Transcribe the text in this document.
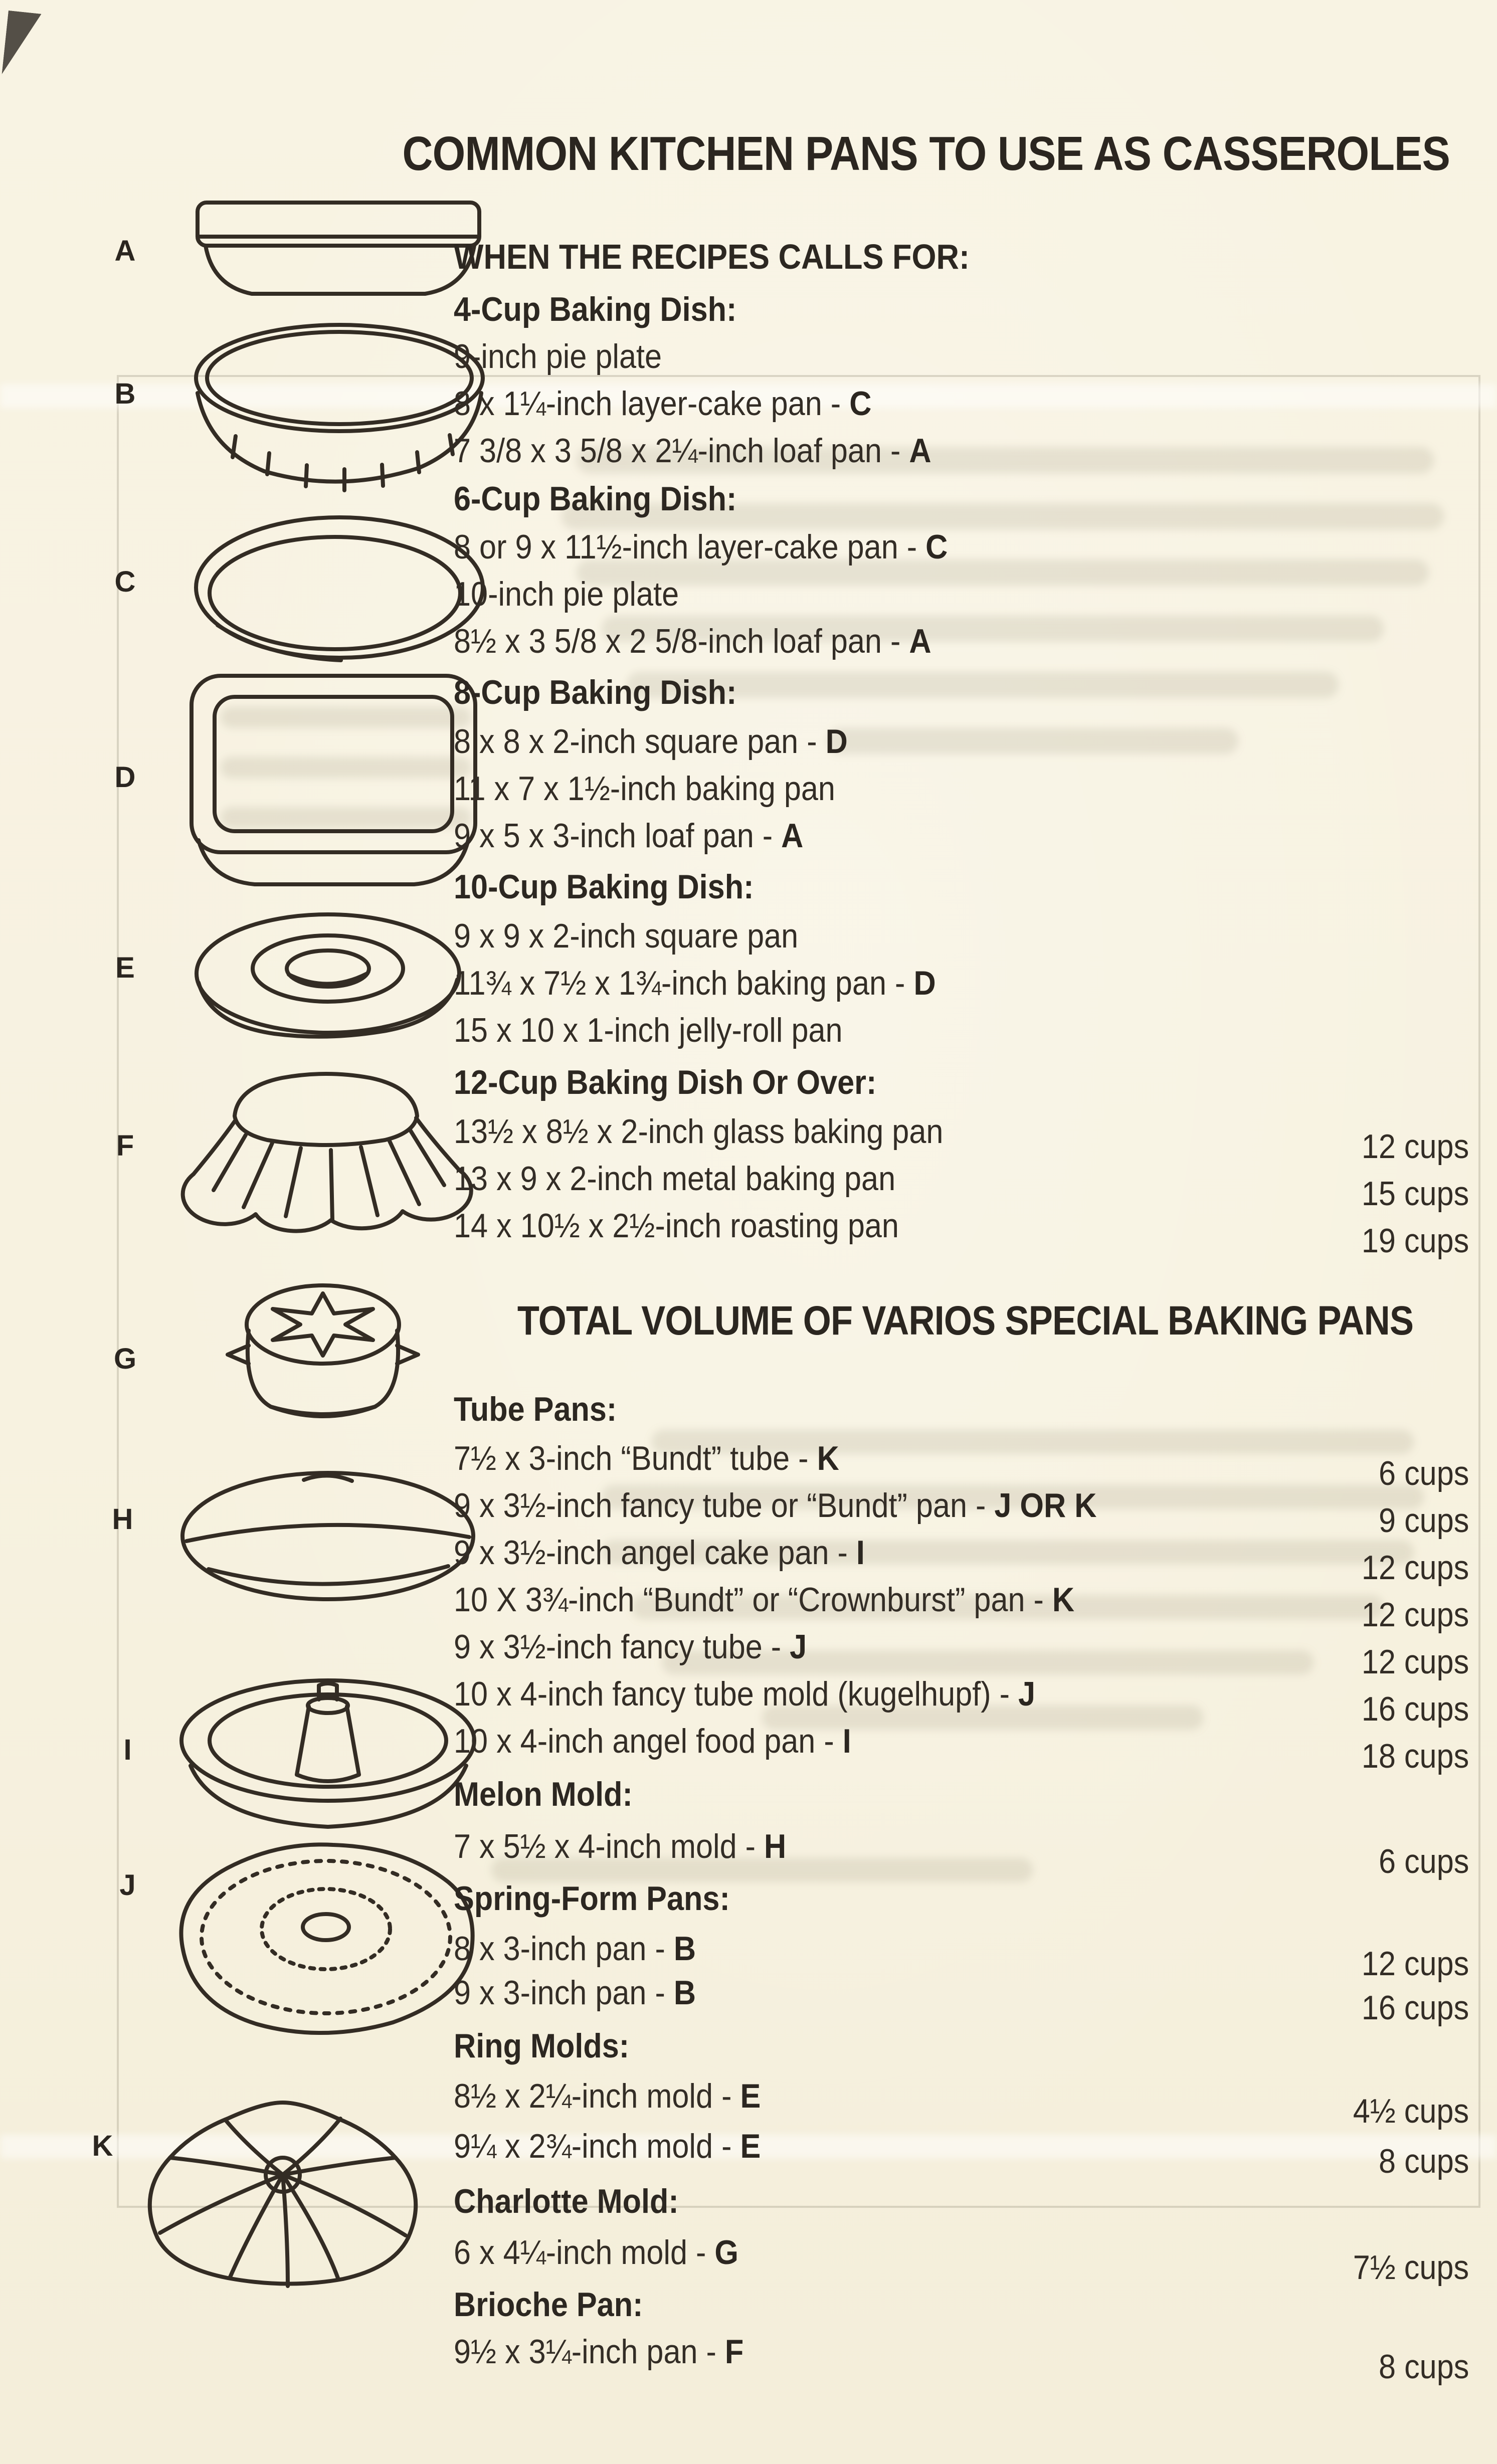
COMMON KITCHEN PANS TO USE AS CASSEROLES
A
B
C
D
E
F
G
H
I
J
K
WHEN THE RECIPES CALLS FOR:
4-Cup Baking Dish:
9-inch pie plate
8 x 1¼-inch layer-cake pan - C
7 3/8 x 3 5/8 x 2¼-inch loaf pan - A
6-Cup Baking Dish:
8 or 9 x 11½-inch layer-cake pan - C
10-inch pie plate
8½ x 3 5/8 x 2 5/8-inch loaf pan - A
8-Cup Baking Dish:
8 x 8 x 2-inch square pan - D
11 x 7 x 1½-inch baking pan
9 x 5 x 3-inch loaf pan - A
10-Cup Baking Dish:
9 x 9 x 2-inch square pan
11¾ x 7½ x 1¾-inch baking pan - D
15 x 10 x 1-inch jelly-roll pan
12-Cup Baking Dish Or Over:
13½ x 8½ x 2-inch glass baking pan	12 cups
13 x 9 x 2-inch metal baking pan	15 cups
14 x 10½ x 2½-inch roasting pan	19 cups
TOTAL VOLUME OF VARIOS SPECIAL BAKING PANS
Tube Pans:
7½ x 3-inch “Bundt” tube - K	6 cups
9 x 3½-inch fancy tube or “Bundt” pan - J OR K	9 cups
9 x 3½-inch angel cake pan - I	12 cups
10 X 3¾-inch “Bundt” or “Crownburst” pan - K	12 cups
9 x 3½-inch fancy tube - J	12 cups
10 x 4-inch fancy tube mold (kugelhupf) - J	16 cups
10 x 4-inch angel food pan - I	18 cups
Melon Mold:
7 x 5½ x 4-inch mold - H	6 cups
Spring-Form Pans:
8 x 3-inch pan - B	12 cups
9 x 3-inch pan - B	16 cups
Ring Molds:
8½ x 2¼-inch mold - E	4½ cups
9¼ x 2¾-inch mold - E	8 cups
Charlotte Mold:
6 x 4¼-inch mold - G	7½ cups
Brioche Pan:
9½ x 3¼-inch pan - F	8 cups
